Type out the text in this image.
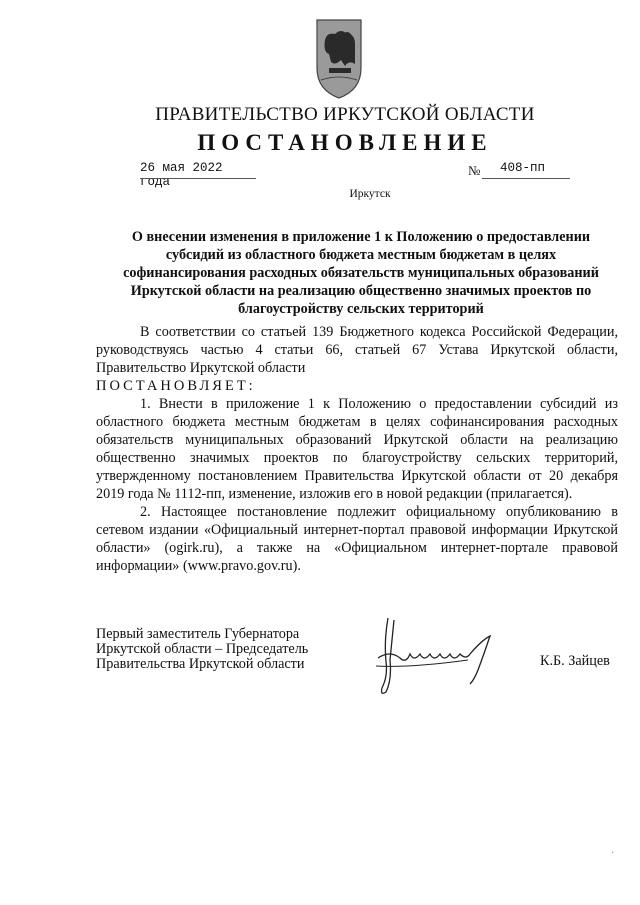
ПРАВИТЕЛЬСТВО ИРКУТСКОЙ ОБЛАСТИ
ПОСТАНОВЛЕНИЕ
26 мая 2022 года
№ 408-пп
Иркутск
О внесении изменения в приложение 1 к Положению о предоставлении субсидий из областного бюджета местным бюджетам в целях софинансирования расходных обязательств муниципальных образований Иркутской области на реализацию общественно значимых проектов по благоустройству сельских территорий

В соответствии со статьей 139 Бюджетного кодекса Российской Федерации, руководствуясь частью 4 статьи 66, статьей 67 Устава Иркутской области, Правительство Иркутской области

ПОСТАНОВЛЯЕТ:

1. Внести в приложение 1 к Положению о предоставлении субсидий из областного бюджета местным бюджетам в целях софинансирования расходных обязательств муниципальных образований Иркутской области на реализацию общественно значимых проектов по благоустройству сельских территорий, утвержденному постановлением Правительства Иркутской области от 20 декабря 2019 года № 1112-пп, изменение, изложив его в новой редакции (прилагается).

2. Настоящее постановление подлежит официальному опубликованию в сетевом издании «Официальный интернет-портал правовой информации Иркутской области» (ogirk.ru), а также на «Официальном интернет-портале правовой информации» (www.pravo.gov.ru).

Первый заместитель Губернатора
Иркутской области – Председатель
Правительства Иркутской области	К.Б. Зайцев
·
